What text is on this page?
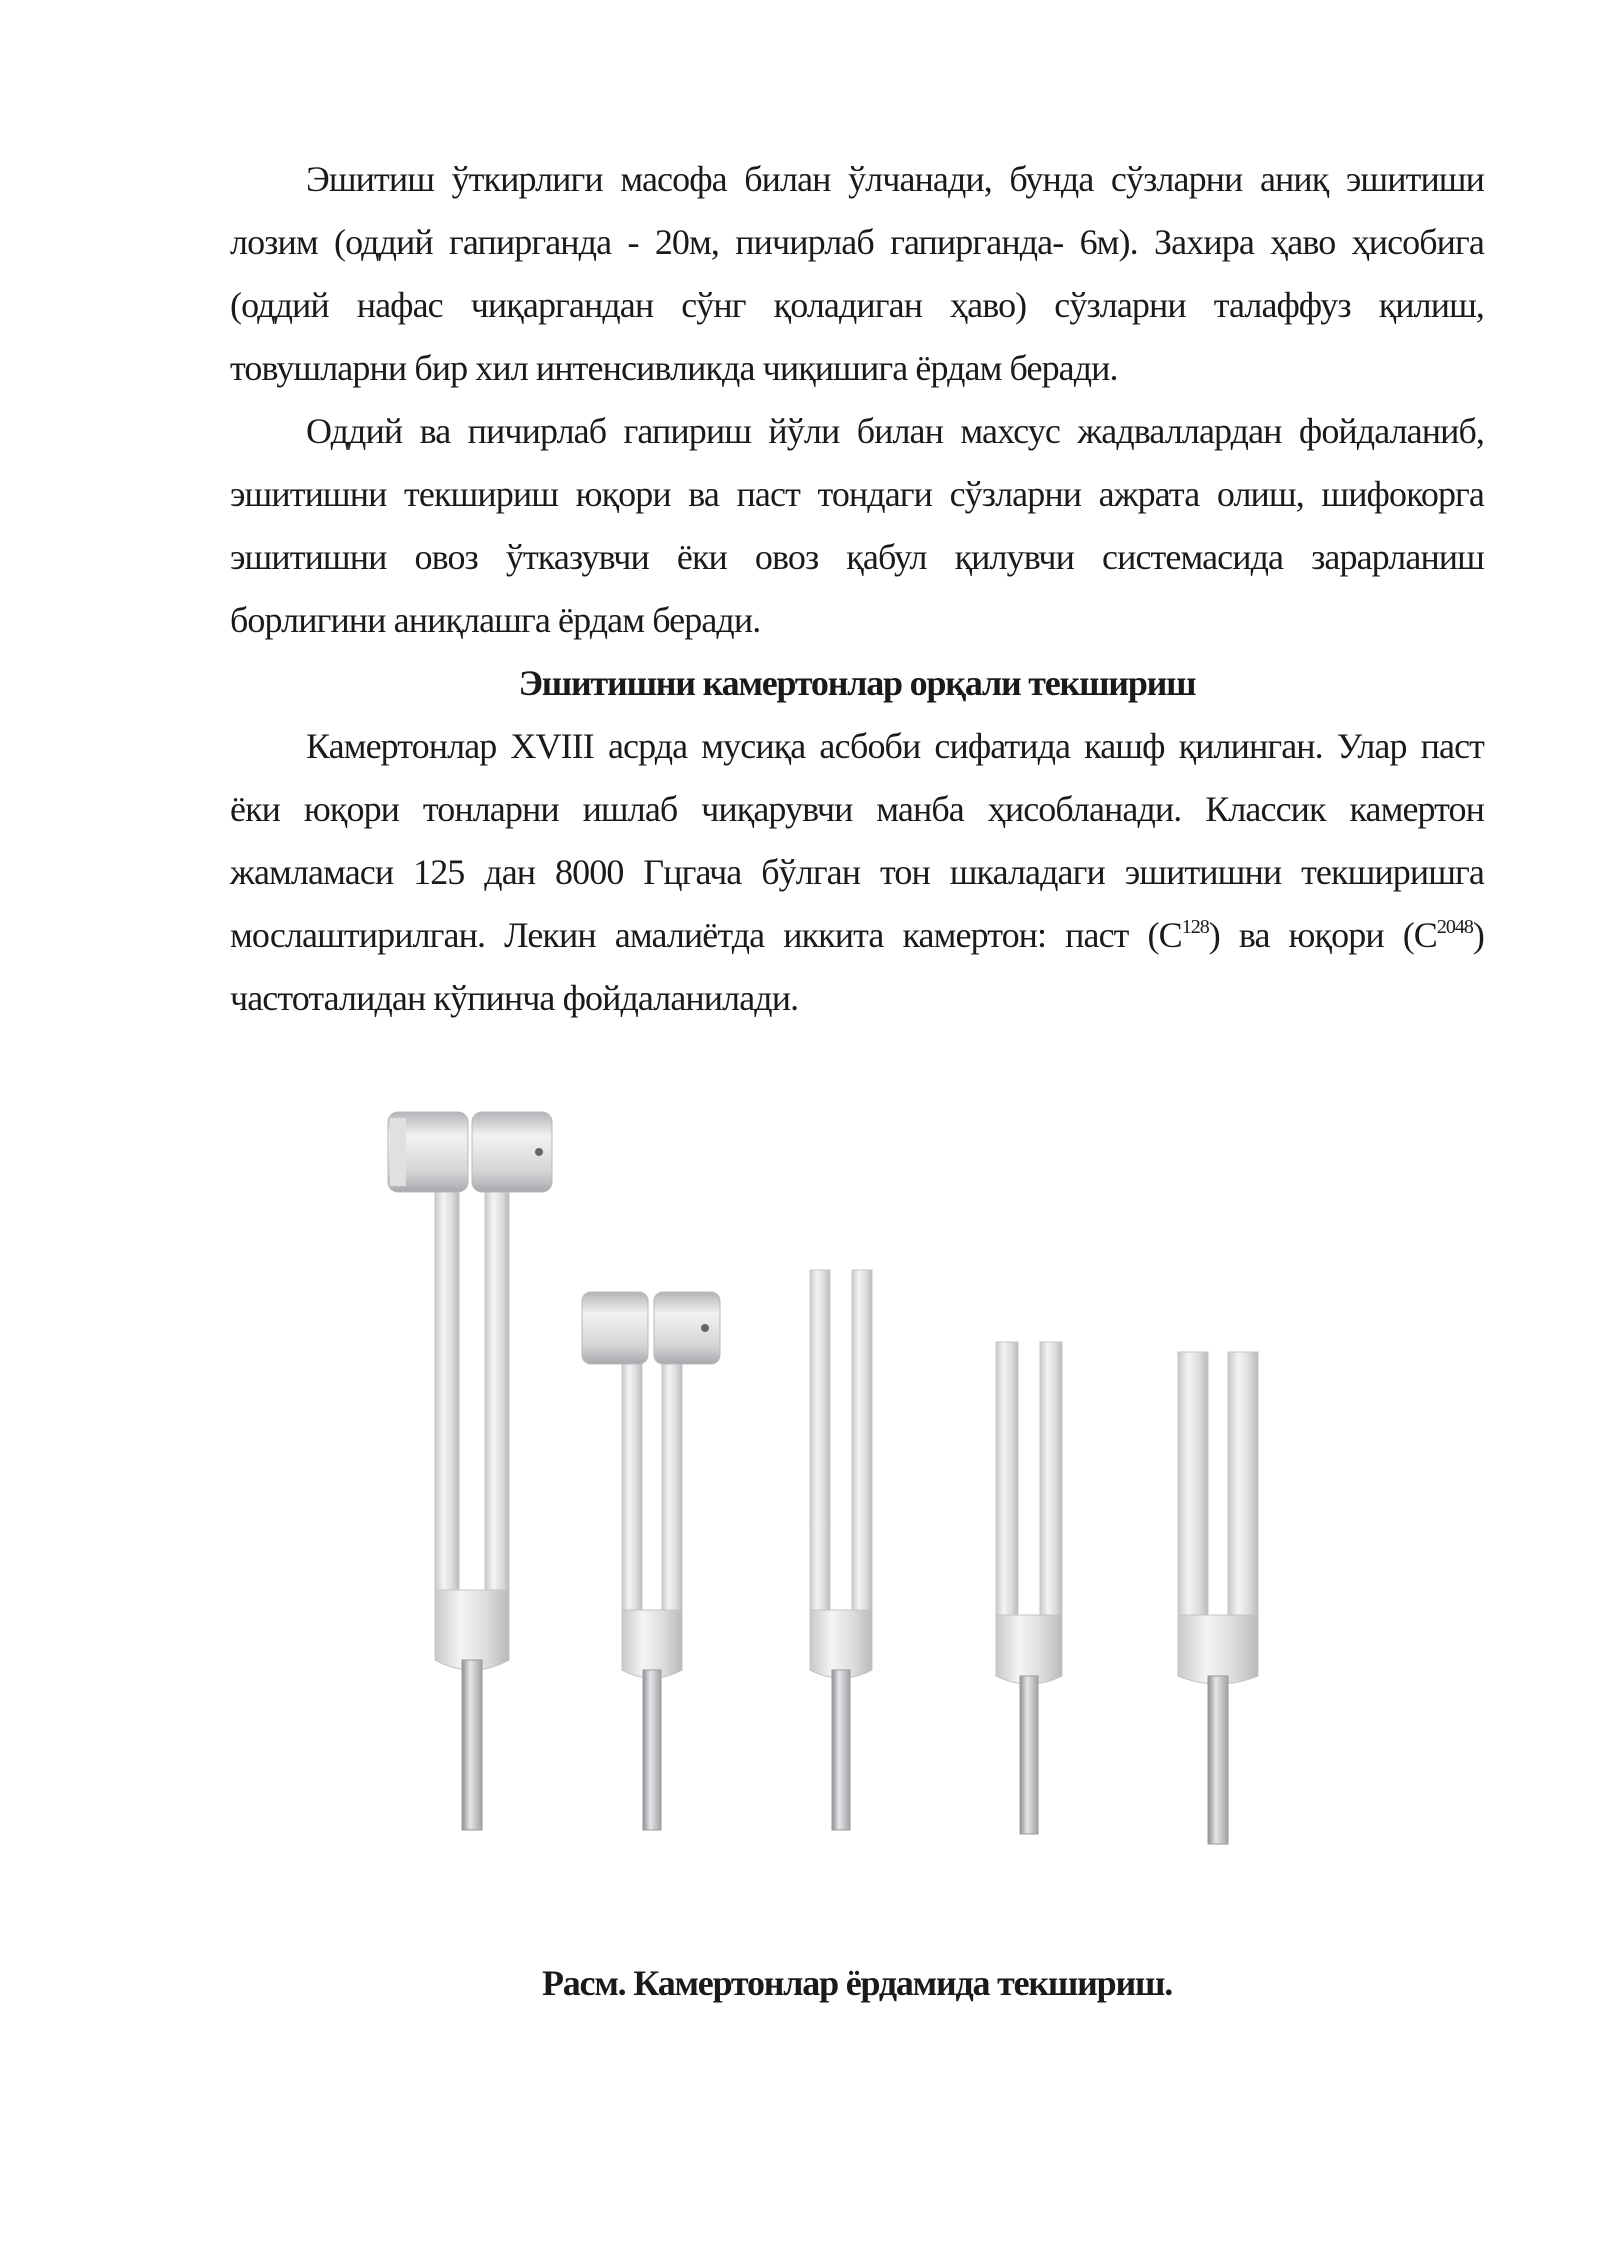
Эшитиш ўткирлиги масофа билан ўлчанади, бунда сўзларни аниқ эшитиши лозим (оддий гапирганда - 20м, пичирлаб гапирганда- 6м). Захира ҳаво ҳисобига (оддий нафас чиқаргандан сўнг қоладиган ҳаво) сўзларни талаффуз қилиш, товушларни бир хил интенсивликда чиқишига ёрдам беради.

Оддий ва пичирлаб гапириш йўли билан махсус жадваллардан фойдаланиб, эшитишни текшириш юқори ва паст тондаги сўзларни ажрата олиш, шифокорга эшитишни овоз ўтказувчи ёки овоз қабул қилувчи системасида зарарланиш борлигини аниқлашга ёрдам беради.

Эшитишни камертонлар орқали текшириш

Камертонлар XVIII асрда мусиқа асбоби сифатида кашф қилинган. Улар паст ёки юқори тонларни ишлаб чиқарувчи манба ҳисобланади. Классик камертон жамламаси 125 дан 8000 Гцгача бўлган тон шкаладаги эшитишни текширишга мослаштирилган. Лекин амалиётда иккита камертон: паст $(С^{128})$ ва юқори $(С^{2048})$ частоталидан кўпинча фойдаланилади.

Расм. Камертонлар ёрдамида текшириш.
